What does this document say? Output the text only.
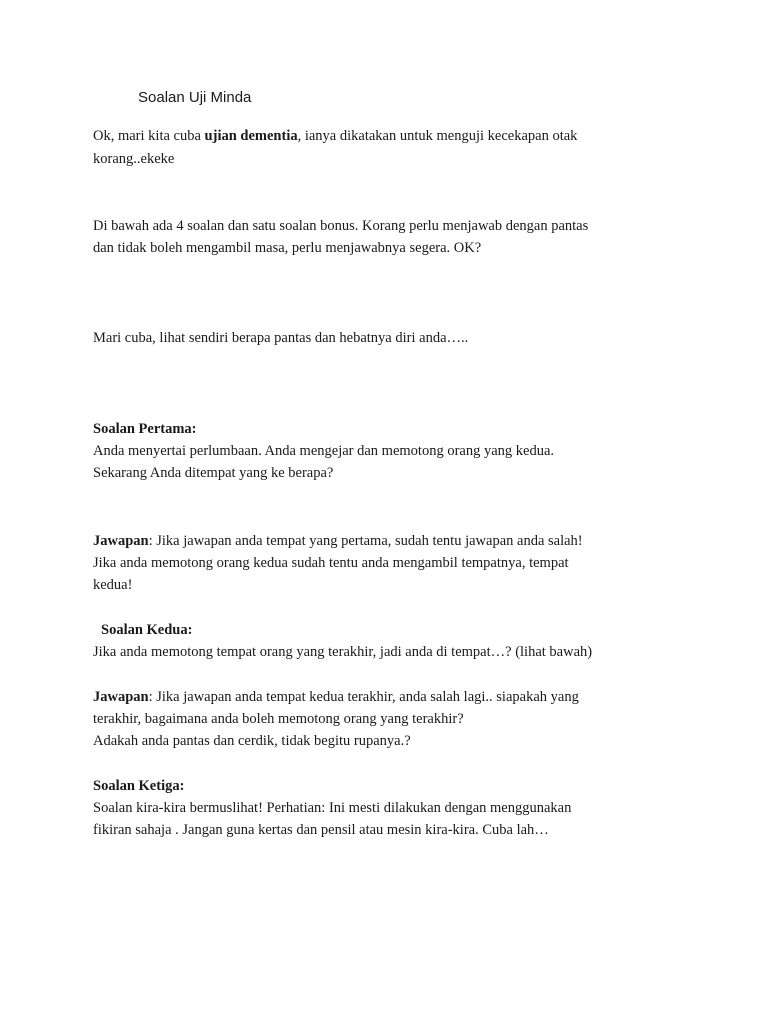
Soalan Uji Minda
Ok, mari kita cuba ujian dementia, ianya dikatakan untuk menguji kecekapan otak
korang..ekeke
Di bawah ada 4 soalan dan satu soalan bonus. Korang perlu menjawab dengan pantas
dan tidak boleh mengambil masa, perlu menjawabnya segera. OK?
Mari cuba, lihat sendiri berapa pantas dan hebatnya diri anda…..
Soalan Pertama:
Anda menyertai perlumbaan. Anda mengejar dan memotong orang yang kedua.
Sekarang Anda ditempat yang ke berapa?
Jawapan: Jika jawapan anda tempat yang pertama, sudah tentu jawapan anda salah!
Jika anda memotong orang kedua sudah tentu anda mengambil tempatnya, tempat
kedua!
Soalan Kedua:
Jika anda memotong tempat orang yang terakhir, jadi anda di tempat…? (lihat bawah)
Jawapan: Jika jawapan anda tempat kedua terakhir, anda salah lagi.. siapakah yang
terakhir, bagaimana anda boleh memotong orang yang terakhir?
Adakah anda pantas dan cerdik, tidak begitu rupanya.?
Soalan Ketiga:
Soalan kira-kira bermuslihat! Perhatian: Ini mesti dilakukan dengan menggunakan
fikiran sahaja . Jangan guna kertas dan pensil atau mesin kira-kira. Cuba lah…
